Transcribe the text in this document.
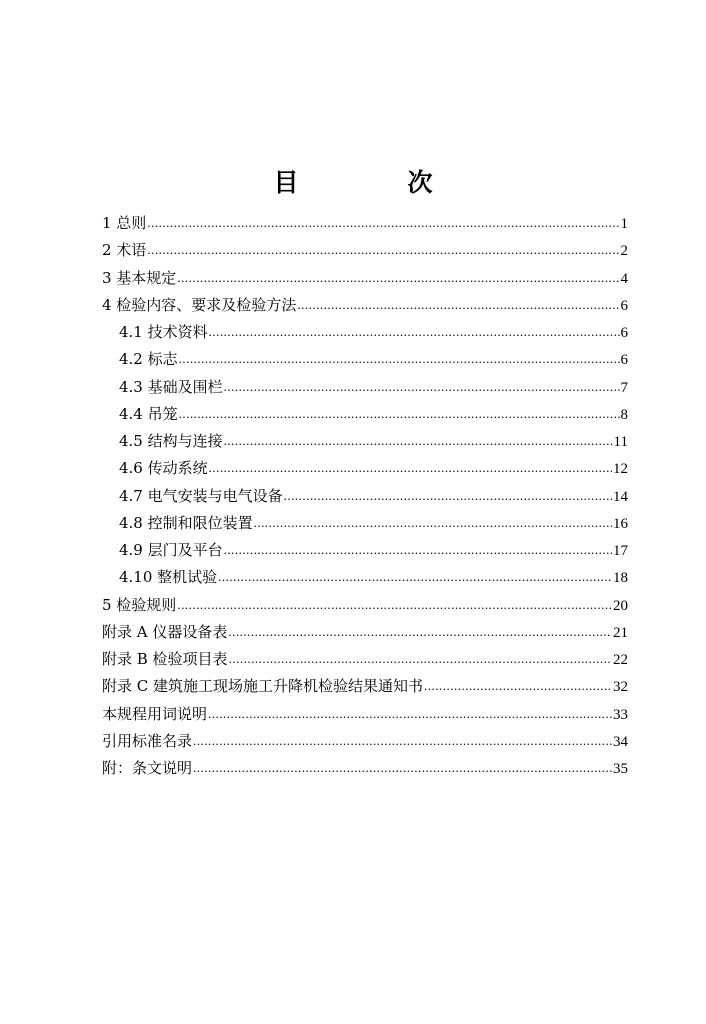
目　次
1 总则 .....	1
2 术语 .....	2
3 基本规定 .....	4
4 检验内容、要求及检验方法 .....	6
4.1 技术资料 .....	6
4.2 标志 .....	6
4.3 基础及围栏 .....	7
4.4 吊笼 .....	8
4.5 结构与连接 .....	11
4.6 传动系统 .....	12
4.7 电气安装与电气设备 .....	14
4.8 控制和限位装置 .....	16
4.9 层门及平台 .....	17
4.10 整机试验 .....	18
5 检验规则 .....	20
附录 A 仪器设备表 .....	21
附录 B 检验项目表 .....	22
附录 C 建筑施工现场施工升降机检验结果通知书 .....	32
本规程用词说明 .....	33
引用标准名录 .....	34
附：条文说明 .....	35
